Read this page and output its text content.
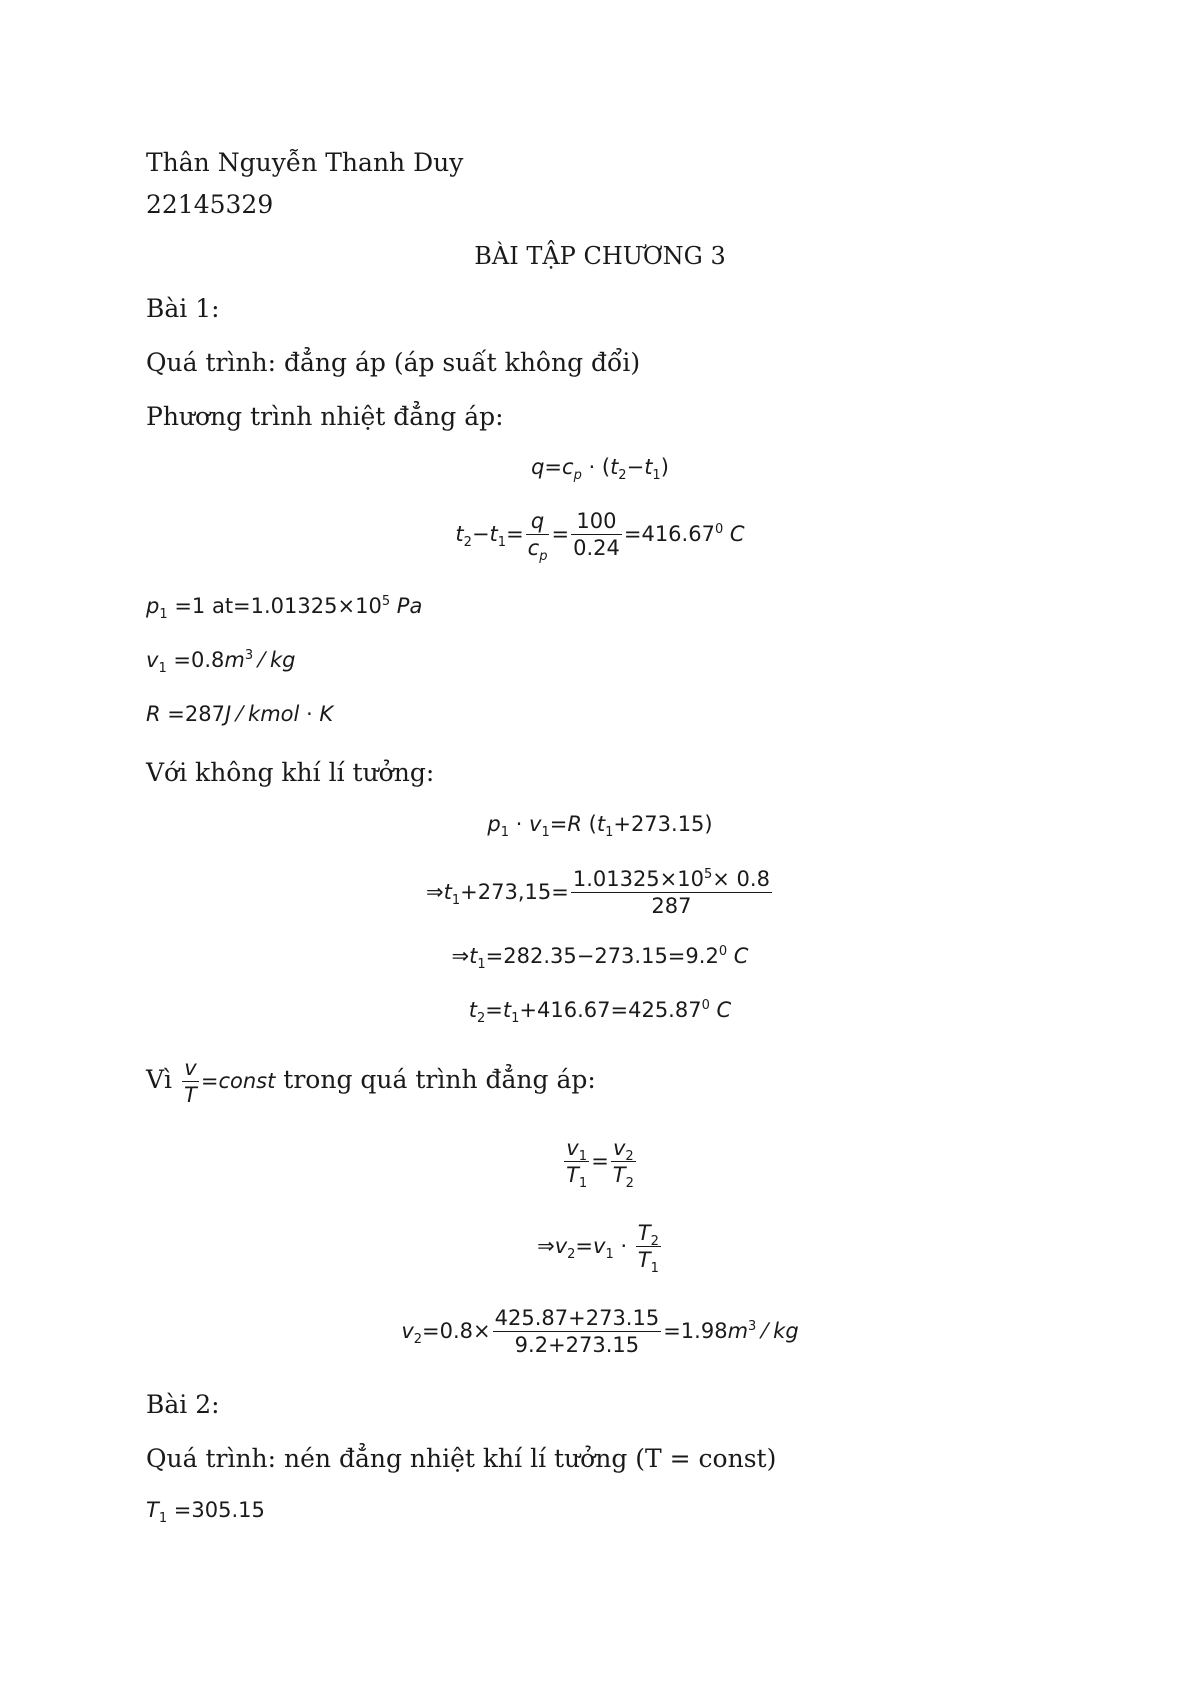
Thân Nguyễn Thanh Duy
22145329
BÀI TẬP CHƯƠNG 3
Bài 1:
Quá trình: đẳng áp (áp suất không đổi)
Phương trình nhiệt đẳng áp:
$q=c_p \cdot (t_2-t_1)$
$t_2-t_1= \frac{q}{c_p} = \frac{100}{0.24} =416.67^0$ C
$p_1 =1$ $at=1.01325\times 10^5$ Pa
$v_1 =0.8m^3$ ⁄ kg
R =287J ⁄ kmol ⋅ K
Với không khí lí tưởng:
$p_1 \cdot v_1=R$ $(t_1+273.15)$
$\Rightarrow t_1+273,15= \frac{1.01325\times 10^5\times 0.8}{287}$
$\Rightarrow t_1=282.35-273.15=9.2^0$ C
$t_2=t_1+416.67=425.87^0$ C
Vì $\frac{v}{T}$ =const trong quá trình đẳng áp:
$\frac{v_1}{T_1} = \frac{v_2}{T_2}$
$\Rightarrow v_2=v_1 \cdot \frac{T_2}{T_1}$
$v_2=0.8\times \frac{425.87+273.15}{9.2+273.15} =1.98m^3$ ⁄ kg
Bài 2:
Quá trình: nén đẳng nhiệt khí lí tưởng (T = const)
$T_1 =305.15$
